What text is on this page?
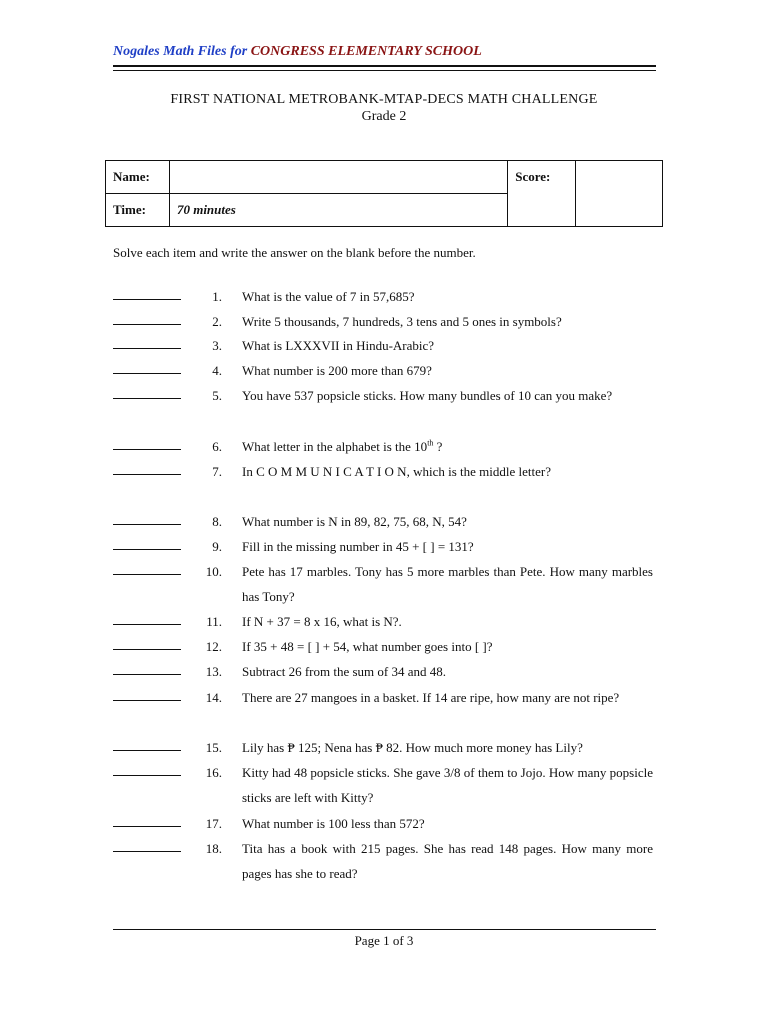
Nogales Math Files for CONGRESS ELEMENTARY SCHOOL
FIRST NATIONAL METROBANK-MTAP-DECS MATH CHALLENGE
Grade 2
Name:		Score:	
Time:	70 minutes		
Solve each item and write the answer on the blank before the number.
1. What is the value of 7 in 57,685?
2. Write 5 thousands, 7 hundreds, 3 tens and 5 ones in symbols?
3. What is LXXXVII in Hindu-Arabic?
4. What number is 200 more than 679?
5. You have 537 popsicle sticks. How many bundles of 10 can you make?
6. What letter in the alphabet is the 10th ?
7. In C O M M U N I C A T I O N, which is the middle letter?
8. What number is N in 89, 82, 75, 68, N, 54?
9. Fill in the missing number in 45 + [ ] = 131?
10. Pete has 17 marbles. Tony has 5 more marbles than Pete. How many marbles has Tony?
11. If N + 37 = 8 x 16, what is N?.
12. If 35 + 48 = [ ] + 54, what number goes into [ ]?
13. Subtract 26 from the sum of 34 and 48.
14. There are 27 mangoes in a basket. If 14 are ripe, how many are not ripe?
15. Lily has ₱ 125; Nena has ₱ 82. How much more money has Lily?
16. Kitty had 48 popsicle sticks. She gave 3/8 of them to Jojo. How many popsicle sticks are left with Kitty?
17. What number is 100 less than 572?
18. Tita has a book with 215 pages. She has read 148 pages. How many more pages has she to read?
Page 1 of 3
